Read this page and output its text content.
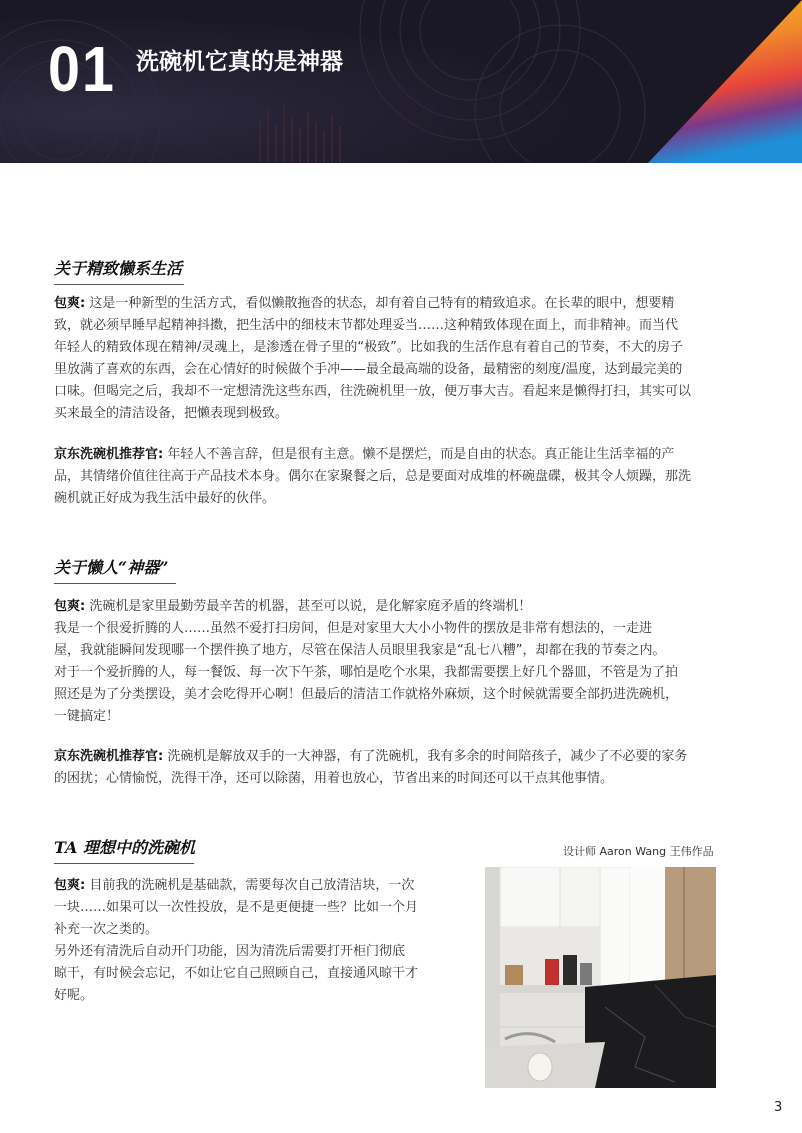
01 洗碗机它真的是神器
关于精致懒系生活
包爽: 这是一种新型的生活方式，看似懒散拖沓的状态，却有着自己特有的精致追求。在长辈的眼中，想要精
致，就必须早睡早起精神抖擞，把生活中的细枝末节都处理妥当……这种精致体现在面上，而非精神。而当代
年轻人的精致体现在精神/灵魂上，是渗透在骨子里的“极致”。比如我的生活作息有着自己的节奏，不大的房子
里放满了喜欢的东西，会在心情好的时候做个手冲——最全最高端的设备，最精密的刻度/温度，达到最完美的
口味。但喝完之后，我却不一定想清洗这些东西，往洗碗机里一放，便万事大吉。看起来是懒得打扫，其实可以
买来最全的清洁设备，把懒表现到极致。
京东洗碗机推荐官: 年轻人不善言辞，但是很有主意。懒不是摆烂，而是自由的状态。真正能让生活幸福的产
品，其情绪价值往往高于产品技术本身。偶尔在家聚餐之后，总是要面对成堆的杯碗盘碟，极其令人烦躁，那洗
碗机就正好成为我生活中最好的伙伴。
关于懒人“神器”
包爽: 洗碗机是家里最勤劳最辛苦的机器，甚至可以说，是化解家庭矛盾的终端机！
我是一个很爱折腾的人……虽然不爱打扫房间，但是对家里大大小小物件的摆放是非常有想法的，一走进
屋，我就能瞬间发现哪一个摆件换了地方，尽管在保洁人员眼里我家是“乱七八糟”，却都在我的节奏之内。
对于一个爱折腾的人，每一餐饭、每一次下午茶，哪怕是吃个水果，我都需要摆上好几个器皿，不管是为了拍
照还是为了分类摆设，美才会吃得开心啊！但最后的清洁工作就格外麻烦，这个时候就需要全部扔进洗碗机，
一键搞定！
京东洗碗机推荐官: 洗碗机是解放双手的一大神器，有了洗碗机，我有多余的时间陪孩子，减少了不必要的家务
的困扰；心情愉悦，洗得干净，还可以除菌，用着也放心，节省出来的时间还可以干点其他事情。
TA 理想中的洗碗机
包爽: 目前我的洗碗机是基础款，需要每次自己放清洁块，一次
一块……如果可以一次性投放，是不是更便捷一些？比如一个月
补充一次之类的。
另外还有清洗后自动开门功能，因为清洗后需要打开柜门彻底
晾干，有时候会忘记，不如让它自己照顾自己，直接通风晾干才
好呢。
设计师 Aaron Wang 王伟作品
3
